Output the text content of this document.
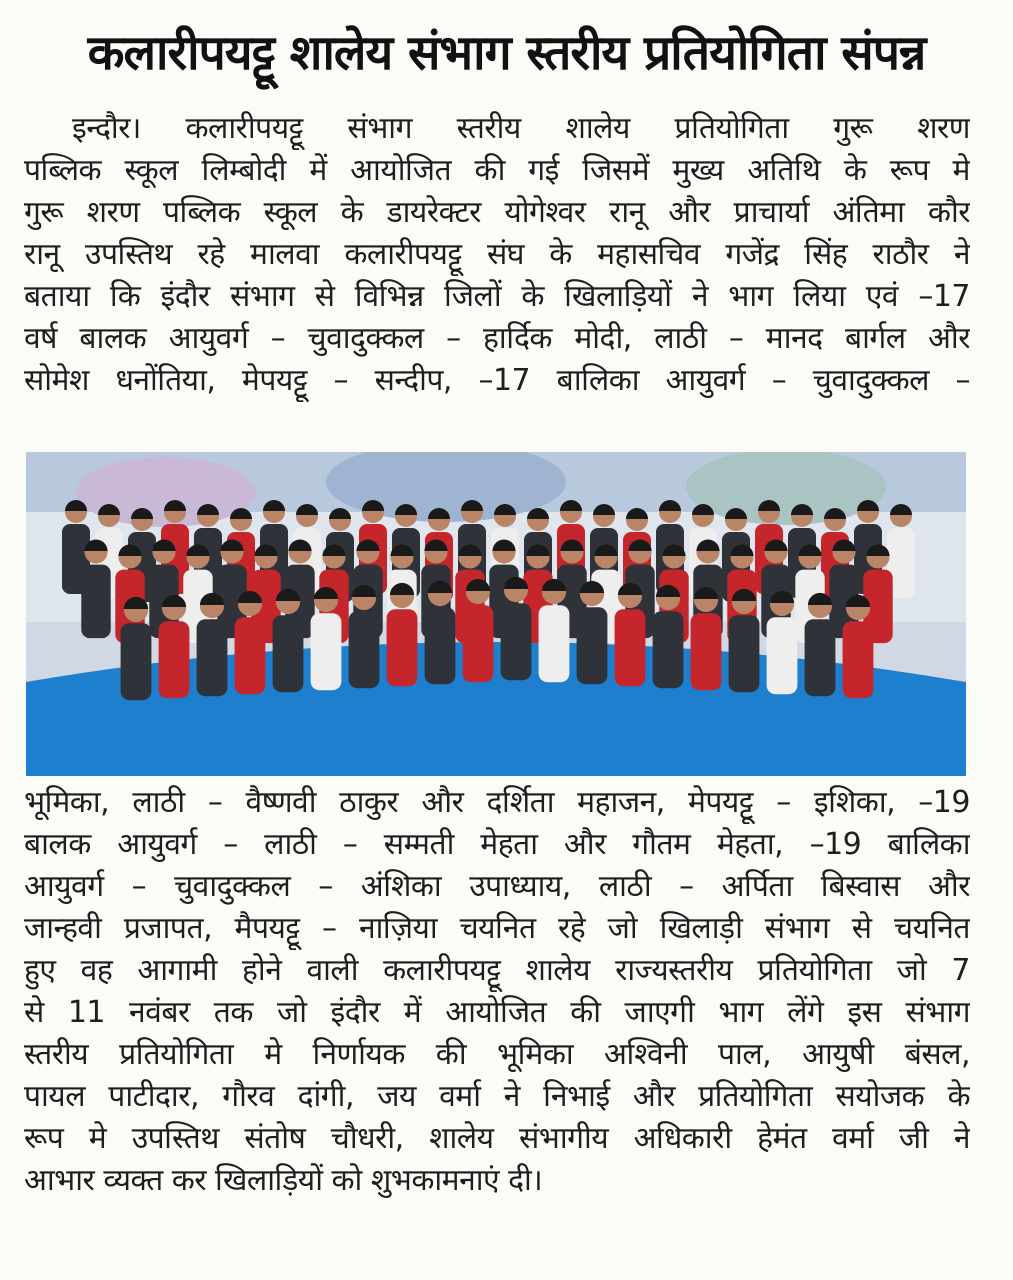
कलारीपयट्टू शालेय संभाग स्तरीय प्रतियोगिता संपन्न
इन्दौर। कलारीपयट्टू संभाग स्तरीय शालेय प्रतियोगिता गुरू शरण
पब्लिक स्कूल लिम्बोदी में आयोजित की गई जिसमें मुख्य अतिथि के रूप मे
गुरू शरण पब्लिक स्कूल के डायरेक्टर योगेश्वर रानू और प्राचार्या अंतिमा कौर
रानू उपस्तिथ रहे मालवा कलारीपयट्टू संघ के महासचिव गजेंद्र सिंह राठौर ने
बताया कि इंदौर संभाग से विभिन्न जिलों के खिलाड़ियों ने भाग लिया एवं –17
वर्ष बालक आयुवर्ग – चुवादुक्कल – हार्दिक मोदी, लाठी – मानद बार्गल और
सोमेश धनोंतिया, मेपयट्टू – सन्दीप, –17 बालिका आयुवर्ग – चुवादुक्कल –
भूमिका, लाठी – वैष्णवी ठाकुर और दर्शिता महाजन, मेपयट्टू – इशिका, –19
बालक आयुवर्ग – लाठी – सम्मती मेहता और गौतम मेहता, –19 बालिका
आयुवर्ग – चुवादुक्कल – अंशिका उपाध्याय, लाठी – अर्पिता बिस्वास और
जान्हवी प्रजापत, मैपयट्टू – नाज़िया चयनित रहे जो खिलाड़ी संभाग से चयनित
हुए वह आगामी होने वाली कलारीपयट्टू शालेय राज्यस्तरीय प्रतियोगिता जो 7
से 11 नवंबर तक जो इंदौर में आयोजित की जाएगी भाग लेंगे इस संभाग
स्तरीय प्रतियोगिता मे निर्णायक की भूमिका अश्विनी पाल, आयुषी बंसल,
पायल पाटीदार, गौरव दांगी, जय वर्मा ने निभाई और प्रतियोगिता सयोजक के
रूप मे उपस्तिथ संतोष चौधरी, शालेय संभागीय अधिकारी हेमंत वर्मा जी ने
आभार व्यक्त कर खिलाड़ियों को शुभकामनाएं दी।
